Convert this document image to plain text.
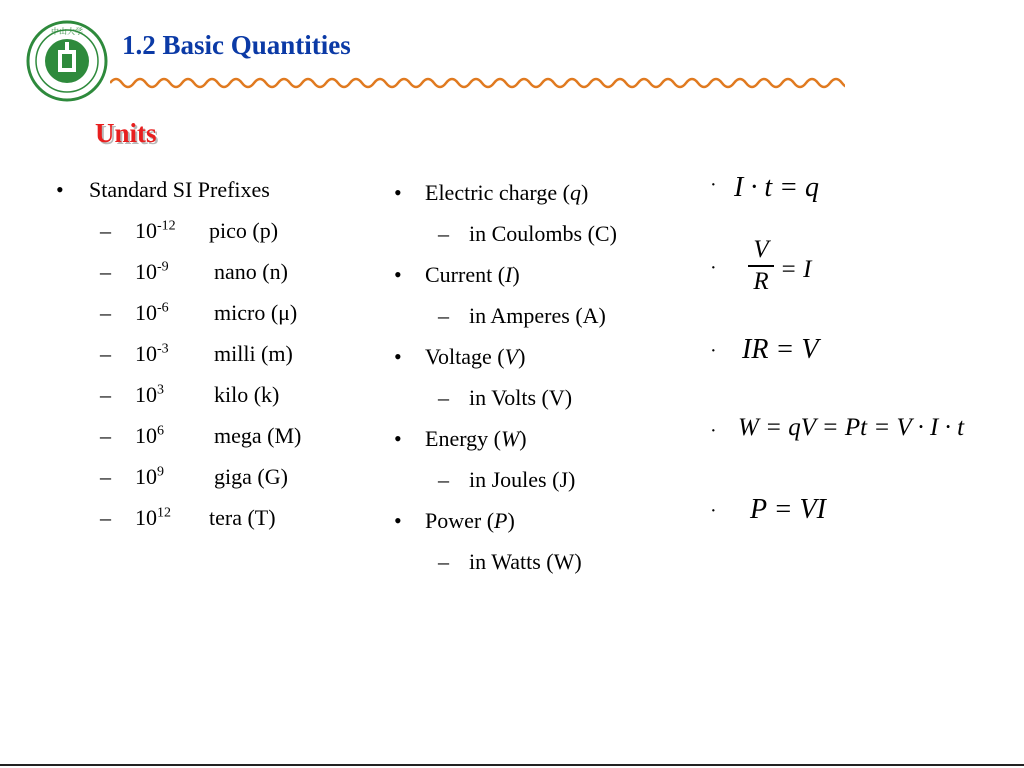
中山大学 1.2 Basic Quantities
Units
• Standard SI Prefixes
– $10^{-12}$ pico (p)
– $10^{-9}$ nano (n)
– $10^{-6}$ micro (μ)
– $10^{-3}$ milli (m)
– $10^3$ kilo (k)
– $10^6$ mega (M)
– $10^9$ giga (G)
– $10^{12}$ tera (T)
• Electric charge (q)
– in Coulombs (C)
• Current (I)
– in Amperes (A)
• Voltage (V)
– in Volts (V)
• Energy (W)
– in Joules (J)
• Power (P)
– in Watts (W)
· I · t = q
·
V
R = I
· IR = V
· W = qV = Pt = V · I · t
· P = VI
